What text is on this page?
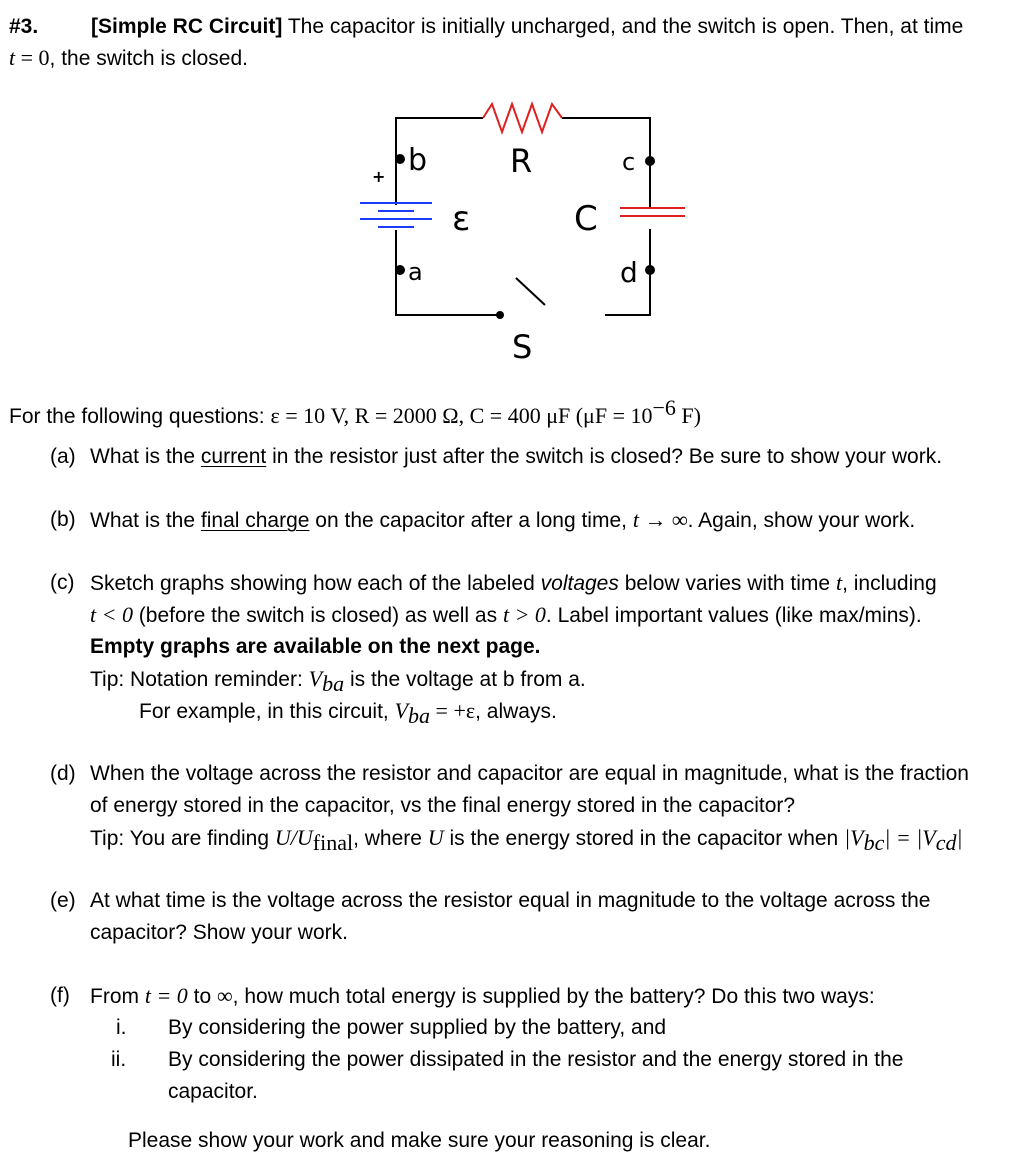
#3.	[Simple RC Circuit] The capacitor is initially uncharged, and the switch is open. Then, at time
t = 0, the switch is closed.
+ b
a
R	c
ε	C
d
S
For the following questions: ε = 10 V, R = 2000 Ω, C = 400 μF ($\mu F = 10^{-6}$ F)
(a) What is the current in the resistor just after the switch is closed? Be sure to show your work.
(b) What is the final charge on the capacitor after a long time, t → ∞. Again, show your work.
(c) Sketch graphs showing how each of the labeled voltages below varies with time t, including
t < 0 (before the switch is closed) as well as t > 0. Label important values (like max/mins).
Empty graphs are available on the next page.
Tip: Notation reminder: $V_{ba}$ is the voltage at b from a.
For example, in this circuit, $V_{ba} = +\varepsilon$, always.
(d) When the voltage across the resistor and capacitor are equal in magnitude, what is the fraction
of energy stored in the capacitor, vs the final energy stored in the capacitor?
Tip: You are finding $U/U_{final}$, where U is the energy stored in the capacitor when $|V_{bc}| = |V_{cd}|$
(e) At what time is the voltage across the resistor equal in magnitude to the voltage across the
capacitor? Show your work.
(f) From t = 0 to ∞, how much total energy is supplied by the battery? Do this two ways:
i. By considering the power supplied by the battery, and
ii. By considering the power dissipated in the resistor and the energy stored in the
capacitor.
Please show your work and make sure your reasoning is clear.
